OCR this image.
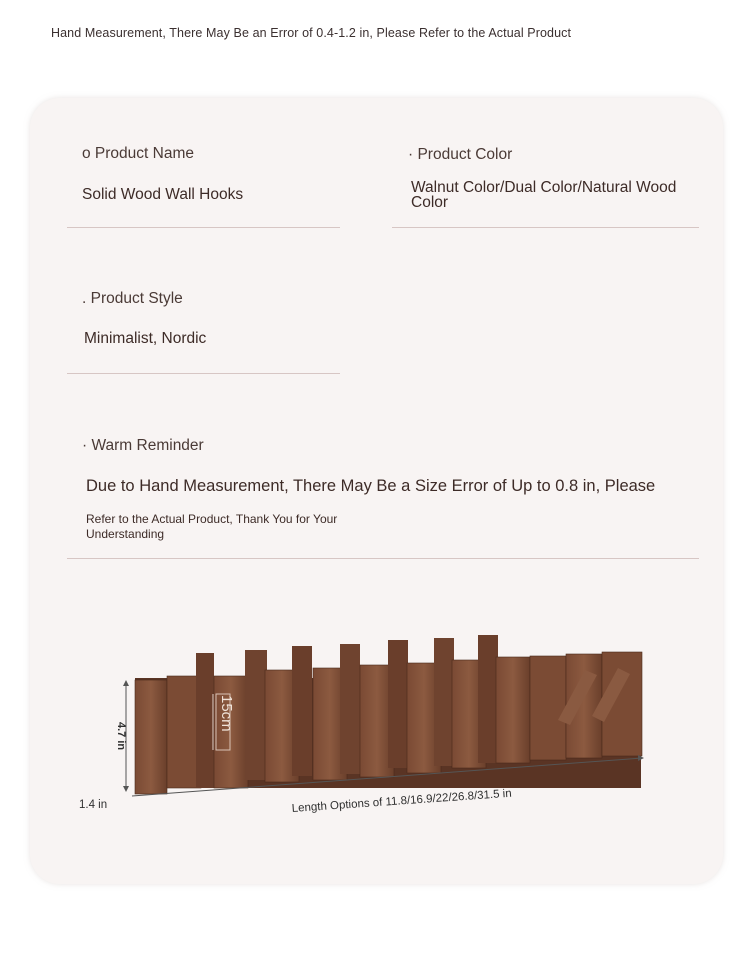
Hand Measurement, There May Be an Error of 0.4-1.2 in, Please Refer to the Actual Product
o Product Name
Solid Wood Wall Hooks
· Product Color
Walnut Color/Dual Color/Natural Wood Color
. Product Style
Minimalist, Nordic
· Warm Reminder
Due to Hand Measurement, There May Be a Size Error of Up to 0.8 in, Please
Refer to the Actual Product, Thank You for Your Understanding
4.7 in
15cm
1.4 in	Length Options of 11.8/16.9/22/26.8/31.5 in
